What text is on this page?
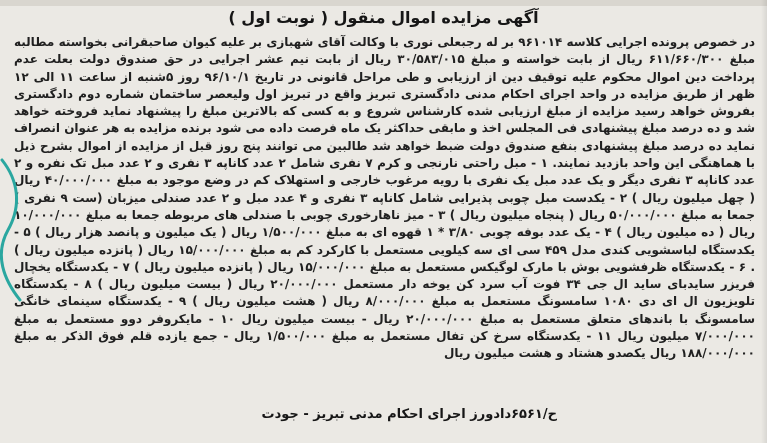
آگهی مزایده اموال منقول ( نوبت اول )

در خصوص پرونده اجرایی کلاسه ۹۶۱۰۱۴ بر له رجبعلی نوری با وکالت آقای شهبازی بر علیه کیوان صاحبقرانی بخواسته مطالبه مبلغ ۶۱۱/۶۶۰/۳۰۰ ریال از بابت خواسته و مبلغ ۳۰/۵۸۳/۰۱۵ ریال از بابت نیم عشر اجرایی در حق صندوق دولت بعلت عدم پرداخت دین اموال محکوم علیه توقیف دین از ارزیابی و طی مراحل قانونی در تاریخ ۹۶/۱۰/۱ روز ۵شنبه از ساعت ۱۱ الی ۱۲ ظهر از طریق مزایده در واحد اجرای احکام مدنی دادگستری تبریز واقع در تبریز اول ولیعصر ساختمان شماره دوم دادگستری بفروش خواهد رسید مزایده از مبلغ ارزیابی شده کارشناس شروع و به کسی که بالاترین مبلغ را پیشنهاد نماید فروخته خواهد شد و ده درصد مبلغ پیشنهادی فی المجلس اخذ و مابقی حداکثر یک ماه فرصت داده می شود برنده مزایده به هر عنوان انصراف نماید ده درصد مبلغ پیشنهادی بنفع صندوق دولت ضبط خواهد شد طالبین می توانند پنج روز قبل از مزایده از اموال بشرح ذیل با هماهنگی این واحد بازدید نمایند. ۱ - مبل راحتی نارنجی و کرم ۷ نفری شامل ۲ عدد کاناپه ۳ نفری و ۲ عدد مبل تک نفره و ۲ عدد کاناپه ۳ نفری دیگر و یک عدد مبل یک نفری با رویه مرغوب خارجی و استهلاک کم در وضع موجود به مبلغ ۴۰/۰۰۰/۰۰۰ ریال ( چهل میلیون ریال ) ۲ - یکدست مبل چوبی پذیرایی شامل کاناپه ۳ نفری و ۴ عدد مبل و ۲ عدد صندلی میزبان (ست ۹ نفری ) جمعا به مبلغ ۵۰/۰۰۰/۰۰۰ ریال ( پنجاه میلیون ریال ) ۳ - میز ناهارخوری چوبی با صندلی های مربوطه جمعا به مبلغ ۱۰/۰۰۰/۰۰۰ ریال ( ده میلیون ریال ) ۴ - یک عدد بوفه چوبی ۳/۸۰ * ۱ قهوه ای به مبلغ ۱/۵۰۰/۰۰۰ ریال ( یک میلیون و پانصد هزار ریال ) ۵ - یکدستگاه لباسشویی کندی مدل ۴۵۹ سی ای سه کیلویی مستعمل با کارکرد کم به مبلغ ۱۵/۰۰۰/۰۰۰ ریال ( پانزده میلیون ریال ) . ۶ - یکدستگاه ظرفشویی بوش با مارک لوگیکس مستعمل به مبلغ ۱۵/۰۰۰/۰۰۰ ریال ( پانزده میلیون ریال ) ۷ - یکدستگاه یخچال فریزر سایدبای ساید ال جی ۳۴ فوت آب سرد کن یوخه دار مستعمل ۲۰/۰۰۰/۰۰۰ ریال ( بیست میلیون ریال ) ۸ - یکدستگاه تلویزیون ال ای دی ۱۰۸۰ سامسونگ مستعمل به مبلغ ۸/۰۰۰/۰۰۰ ریال ( هشت میلیون ریال ) ۹ - یکدستگاه سینمای خانگی سامسونگ با باندهای متعلق مستعمل به مبلغ ۲۰/۰۰۰/۰۰۰ ریال - بیست میلیون ریال ۱۰ - مایکروفر دوو مستعمل به مبلغ ۷/۰۰۰/۰۰۰ میلیون ریال ۱۱ - یکدستگاه سرخ کن تفال مستعمل به مبلغ ۱/۵۰۰/۰۰۰ ریال - جمع یازده قلم فوق الذکر به مبلغ ۱۸۸/۰۰۰/۰۰۰ ریال یکصدو هشتاد و هشت میلیون ریال

ح/۶۵۶۱دادورز اجرای احکام مدنی تبریز - جودت
